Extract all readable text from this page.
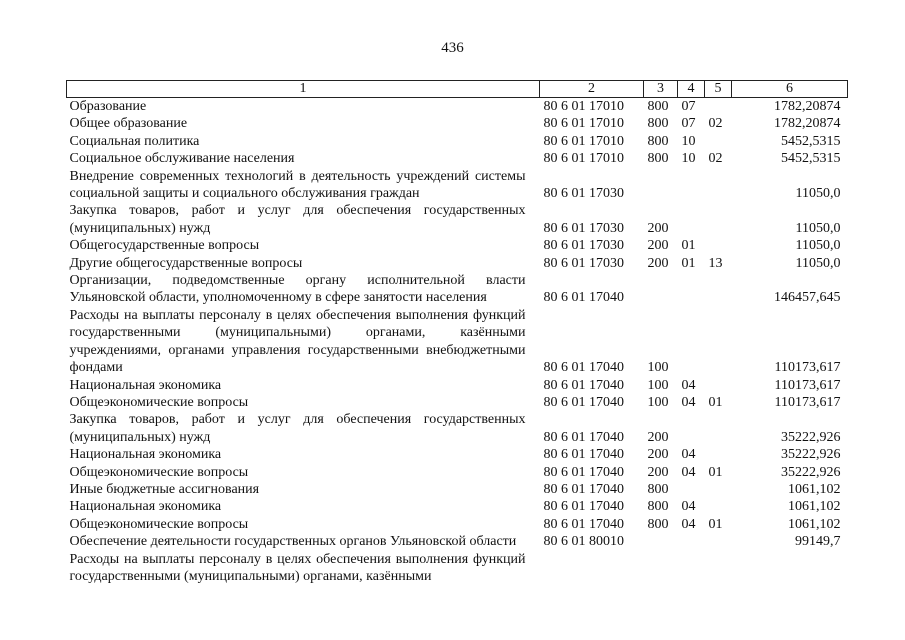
436
1	2	3	4	5	6
Образование	80 6 01 17010	800	07		1782,20874
Общее образование	80 6 01 17010	800	07	02	1782,20874
Социальная политика	80 6 01 17010	800	10		5452,5315
Социальное обслуживание населения	80 6 01 17010	800	10	02	5452,5315
Внедрение современных технологий в деятельность учреждений системы социальной защиты и социального обслуживания граждан	80 6 01 17030				11050,0
Закупка товаров, работ и услуг для обеспечения государственных (муниципальных) нужд	80 6 01 17030	200			11050,0
Общегосударственные вопросы	80 6 01 17030	200	01		11050,0
Другие общегосударственные вопросы	80 6 01 17030	200	01	13	11050,0
Организации, подведомственные органу исполнительной власти Ульяновской области, уполномоченному в сфере занятости населения	80 6 01 17040				146457,645
Расходы на выплаты персоналу в целях обеспечения выполнения функций государственными (муниципальными) органами, казёнными учреждениями, органами управления государственными внебюджетными фондами	80 6 01 17040	100			110173,617
Национальная экономика	80 6 01 17040	100	04		110173,617
Общеэкономические вопросы	80 6 01 17040	100	04	01	110173,617
Закупка товаров, работ и услуг для обеспечения государственных (муниципальных) нужд	80 6 01 17040	200			35222,926
Национальная экономика	80 6 01 17040	200	04		35222,926
Общеэкономические вопросы	80 6 01 17040	200	04	01	35222,926
Иные бюджетные ассигнования	80 6 01 17040	800			1061,102
Национальная экономика	80 6 01 17040	800	04		1061,102
Общеэкономические вопросы	80 6 01 17040	800	04	01	1061,102
Обеспечение деятельности государственных органов Ульяновской области	80 6 01 80010				99149,7
Расходы на выплаты персоналу в целях обеспечения выполнения функций государственными (муниципальными) органами, казёнными					
